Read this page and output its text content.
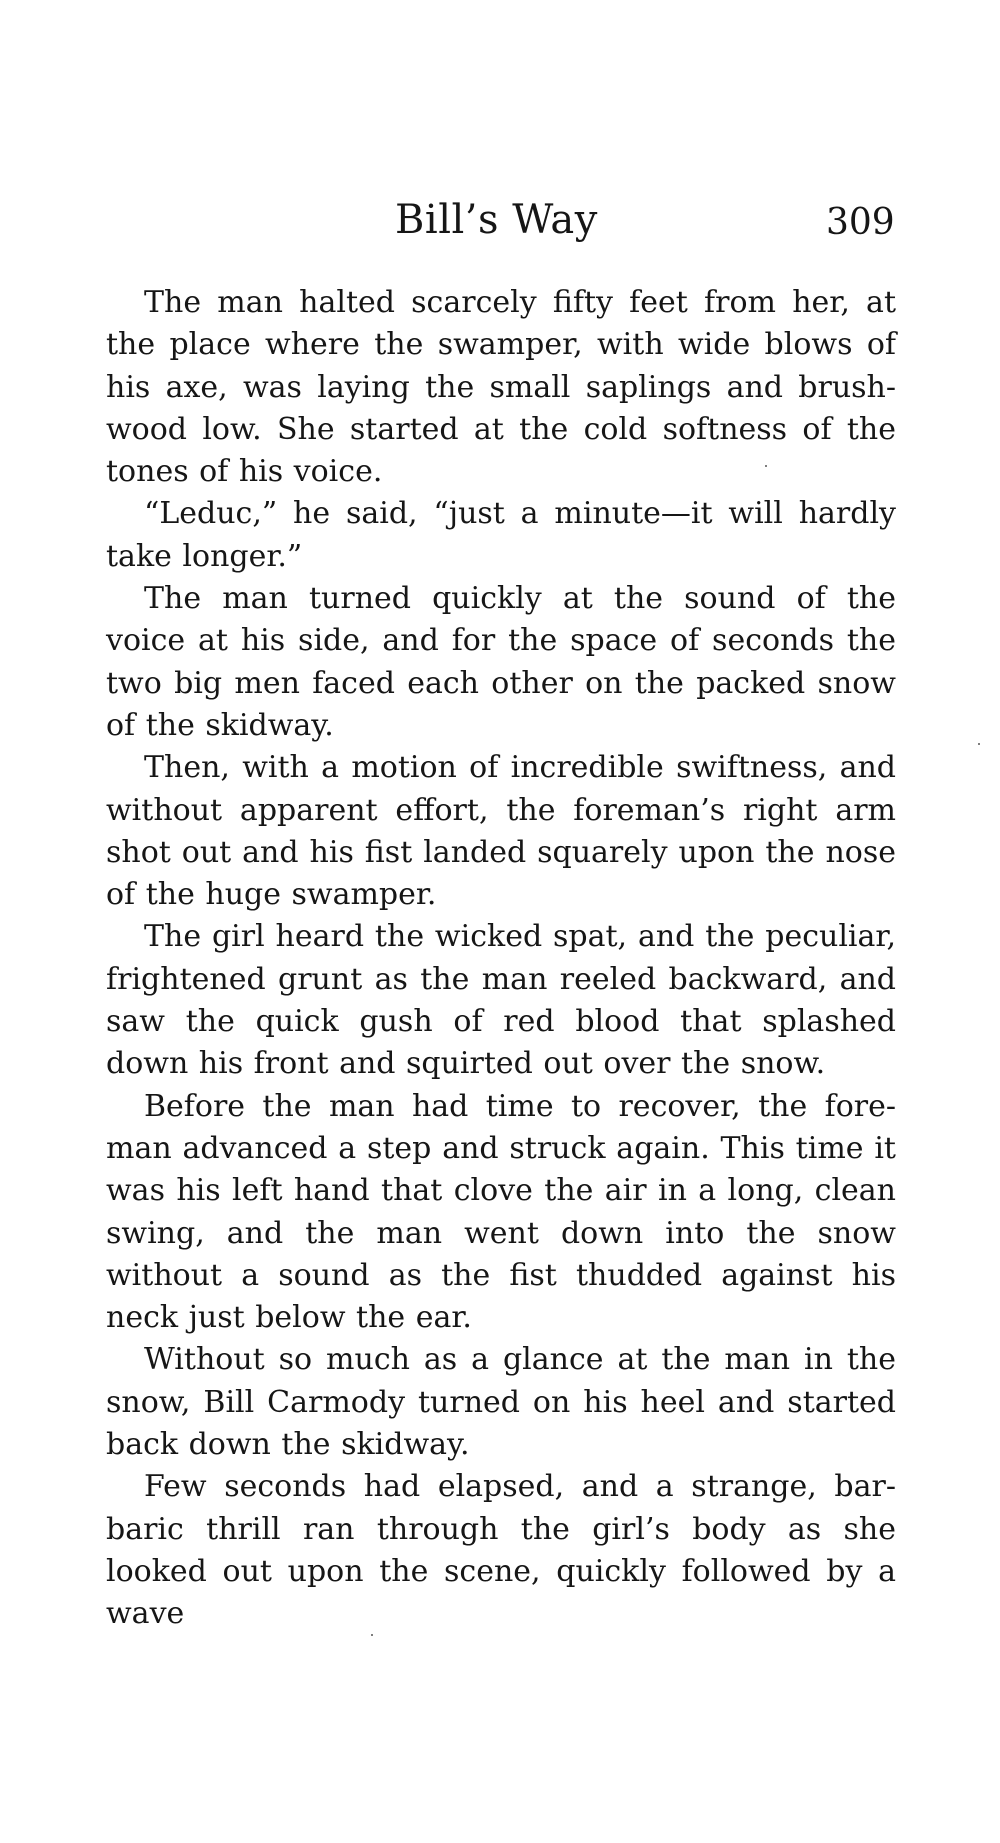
Bill’s Way	309

The man halted scarcely fifty feet from her, at the place where the swamper, with wide blows of his axe, was laying the small saplings and brushwood low. She started at the cold softness of the tones of his voice.

“Leduc,” he said, “just a minute—it will hardly take longer.”

The man turned quickly at the sound of the voice at his side, and for the space of seconds the two big men faced each other on the packed snow of the skidway.

Then, with a motion of incredible swiftness, and without apparent effort, the foreman’s right arm shot out and his fist landed squarely upon the nose of the huge swamper.

The girl heard the wicked spat, and the peculiar, frightened grunt as the man reeled backward, and saw the quick gush of red blood that splashed down his front and squirted out over the snow.

Before the man had time to recover, the foreman advanced a step and struck again. This time it was his left hand that clove the air in a long, clean swing, and the man went down into the snow without a sound as the fist thudded against his neck just below the ear.

Without so much as a glance at the man in the snow, Bill Carmody turned on his heel and started back down the skidway.

Few seconds had elapsed, and a strange, barbaric thrill ran through the girl’s body as she looked out upon the scene, quickly followed by a wave
